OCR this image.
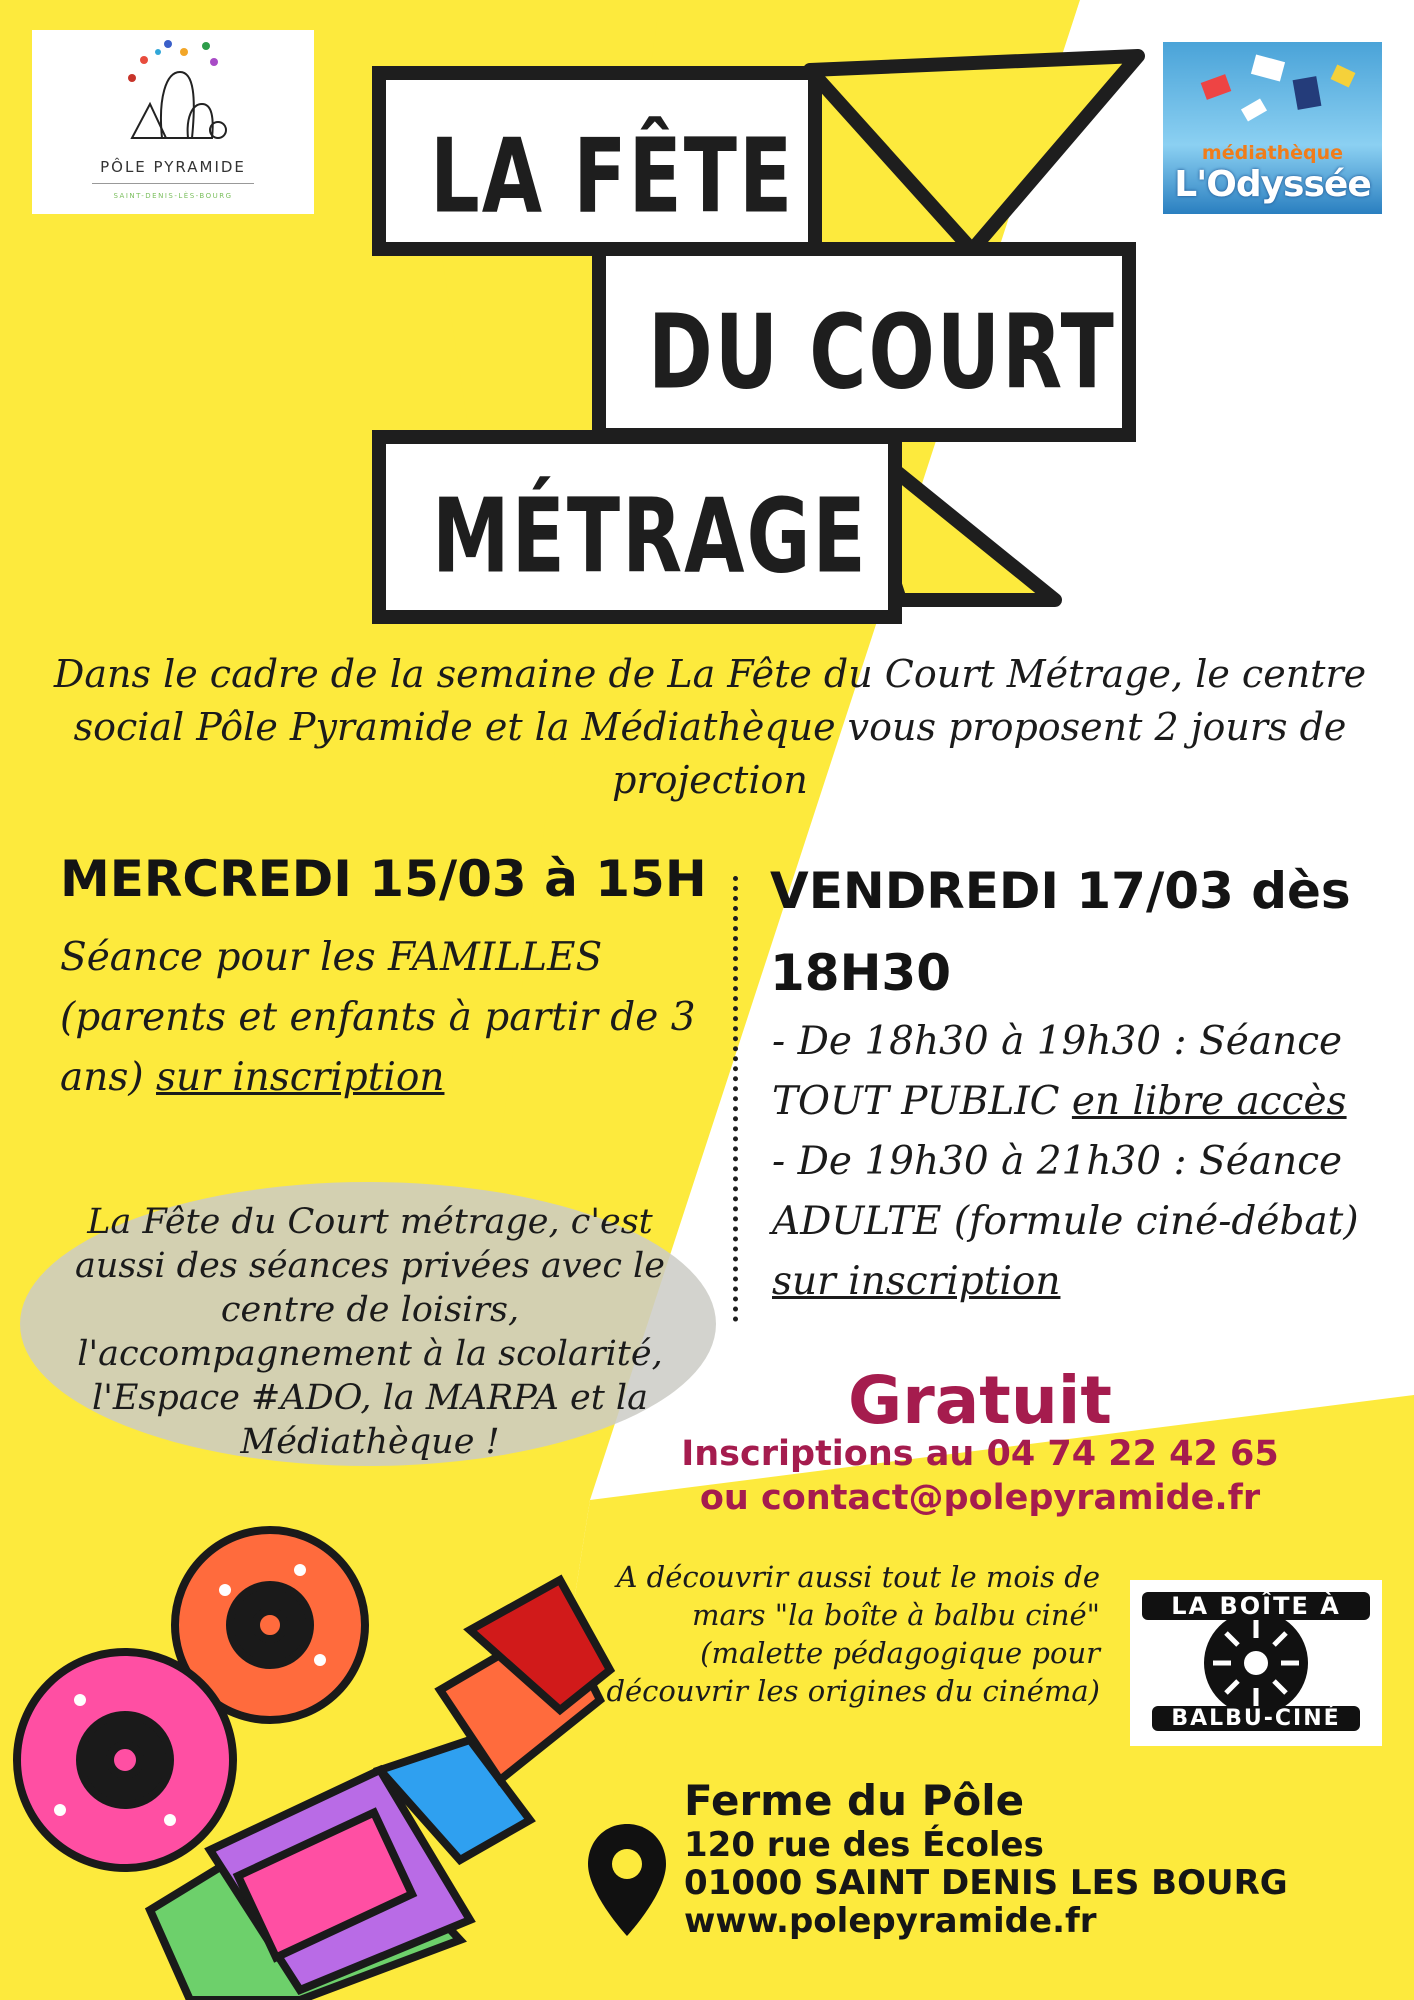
PÔLE PYRAMIDE
SAINT-DENIS-LÈS-BOURG
médiathèque
L'Odyssée
LA FÊTE
DU COURT
MÉTRAGE
Dans le cadre de la semaine de La Fête du Court Métrage, le centre social Pôle Pyramide et la Médiathèque vous proposent 2 jours de projection
MERCREDI 15/03 à 15H
Séance pour les FAMILLES (parents et enfants à partir de 3 ans) sur inscription
VENDREDI 17/03 dès 18H30
- De 18h30 à 19h30 : Séance TOUT PUBLIC en libre accès
- De 19h30 à 21h30 : Séance ADULTE (formule ciné-débat) sur inscription
La Fête du Court métrage, c'est aussi des séances privées avec le centre de loisirs, l'accompagnement à la scolarité, l'Espace #ADO, la MARPA et la Médiathèque !
Gratuit
Inscriptions au 04 74 22 42 65
ou contact@polepyramide.fr
A découvrir aussi tout le mois de mars "la boîte à balbu ciné" (malette pédagogique pour découvrir les origines du cinéma)
LA BOÎTE À
BALBU-CINÉ
Ferme du Pôle
120 rue des Écoles
01000 SAINT DENIS LES BOURG
www.polepyramide.fr
